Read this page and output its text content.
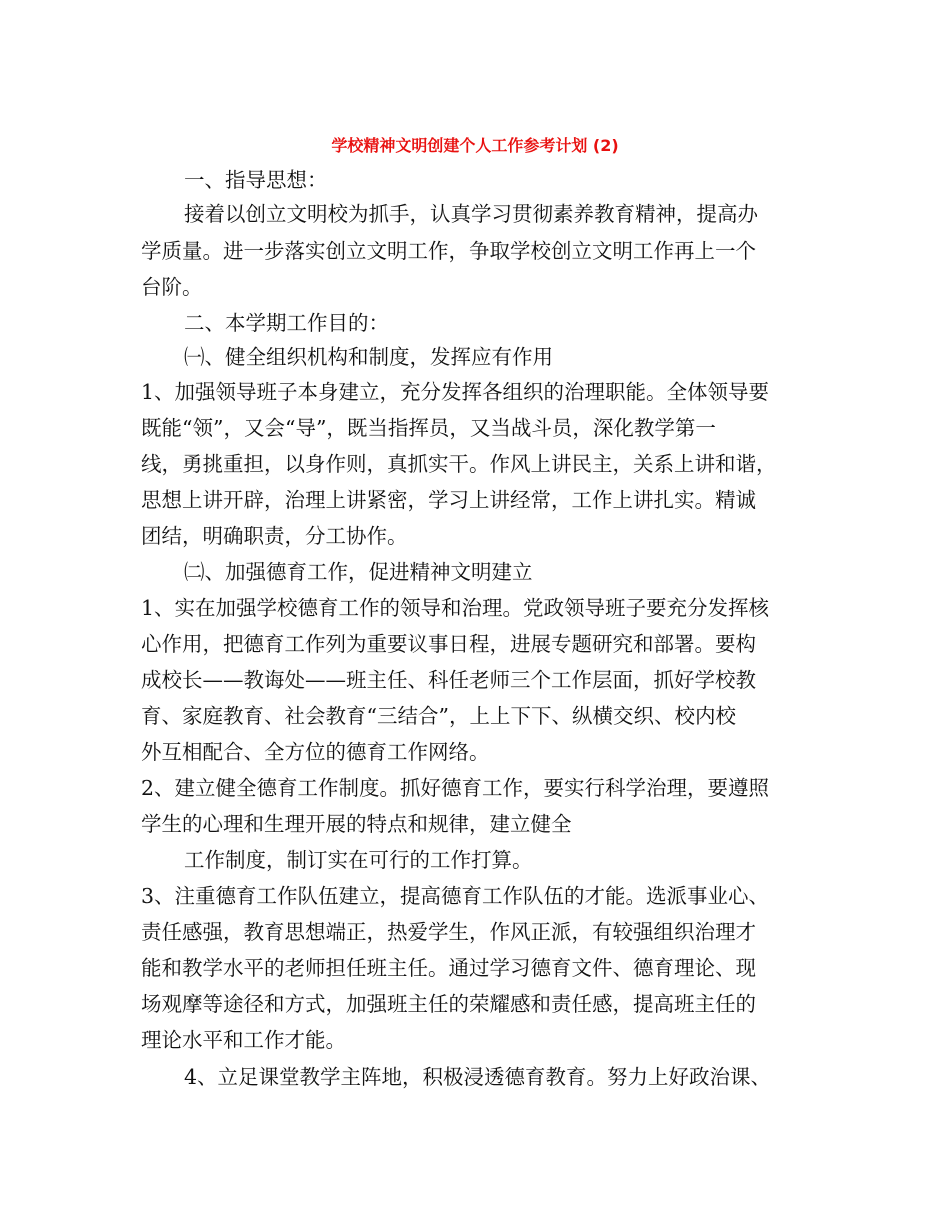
学校精神文明创建个人工作参考计划 (2)
一、指导思想：
接着以创立文明校为抓手，认真学习贯彻素养教育精神，提高办
学质量。进一步落实创立文明工作，争取学校创立文明工作再上一个
台阶。
二、本学期工作目的：
㈠、健全组织机构和制度，发挥应有作用
1、加强领导班子本身建立，充分发挥各组织的治理职能。全体领导要
既能“领”，又会“导”，既当指挥员，又当战斗员，深化教学第一
线，勇挑重担，以身作则，真抓实干。作风上讲民主，关系上讲和谐，
思想上讲开辟，治理上讲紧密，学习上讲经常，工作上讲扎实。精诚
团结，明确职责，分工协作。
㈡、加强德育工作，促进精神文明建立
1、实在加强学校德育工作的领导和治理。党政领导班子要充分发挥核
心作用，把德育工作列为重要议事日程，进展专题研究和部署。要构
成校长——教诲处——班主任、科任老师三个工作层面，抓好学校教
育、家庭教育、社会教育“三结合”，上上下下、纵横交织、校内校
外互相配合、全方位的德育工作网络。
2、建立健全德育工作制度。抓好德育工作，要实行科学治理，要遵照
学生的心理和生理开展的特点和规律，建立健全
工作制度，制订实在可行的工作打算。
3、注重德育工作队伍建立，提高德育工作队伍的才能。选派事业心、
责任感强，教育思想端正，热爱学生，作风正派，有较强组织治理才
能和教学水平的老师担任班主任。通过学习德育文件、德育理论、现
场观摩等途径和方式，加强班主任的荣耀感和责任感，提高班主任的
理论水平和工作才能。
4、立足课堂教学主阵地，积极浸透德育教育。努力上好政治课、
